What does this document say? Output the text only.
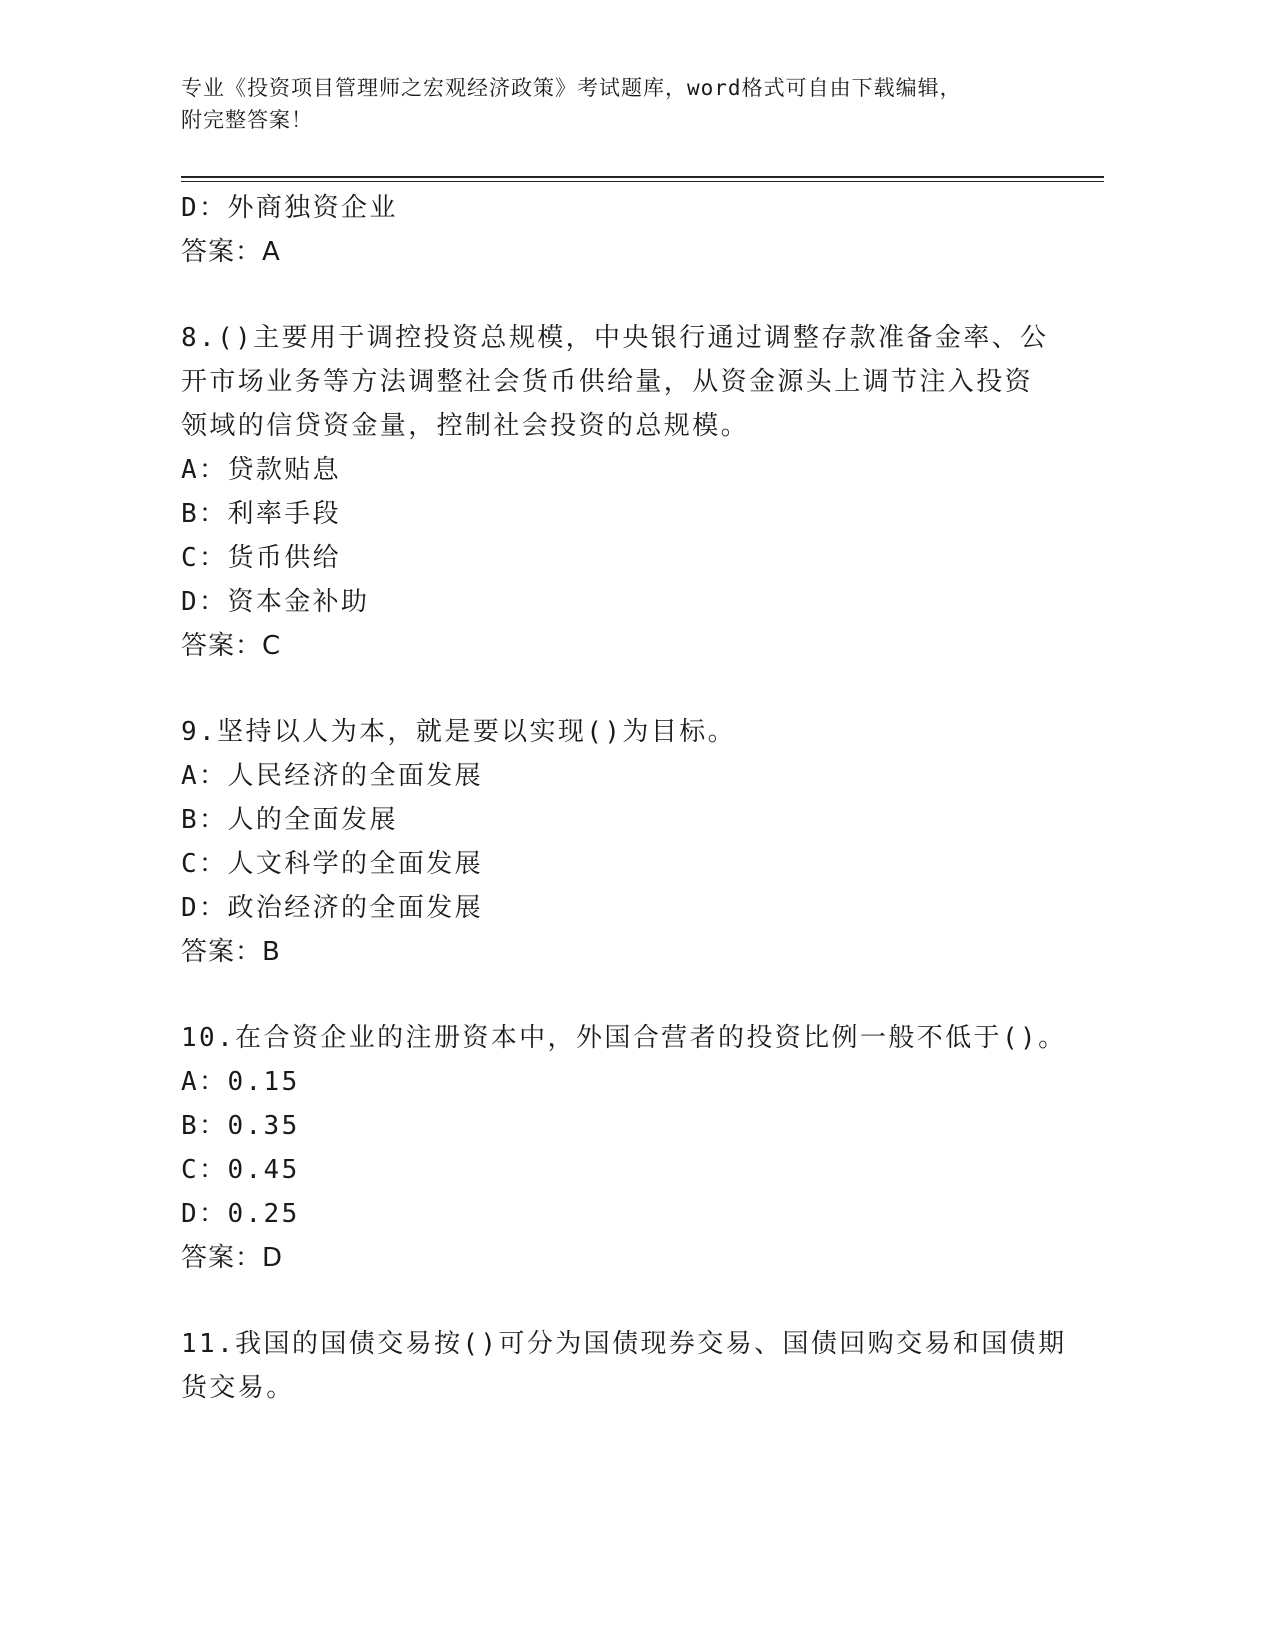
专业《投资项目管理师之宏观经济政策》考试题库，word格式可自由下载编辑，
附完整答案！
D：外商独资企业
答案：A
8.()主要用于调控投资总规模，中央银行通过调整存款准备金率、公
开市场业务等方法调整社会货币供给量，从资金源头上调节注入投资
领域的信贷资金量，控制社会投资的总规模。
A：贷款贴息
B：利率手段
C：货币供给
D：资本金补助
答案：C
9.坚持以人为本，就是要以实现()为目标。
A：人民经济的全面发展
B：人的全面发展
C：人文科学的全面发展
D：政治经济的全面发展
答案：B
10.在合资企业的注册资本中，外国合营者的投资比例一般不低于()。
A：0.15
B：0.35
C：0.45
D：0.25
答案：D
11.我国的国债交易按()可分为国债现券交易、国债回购交易和国债期
货交易。
